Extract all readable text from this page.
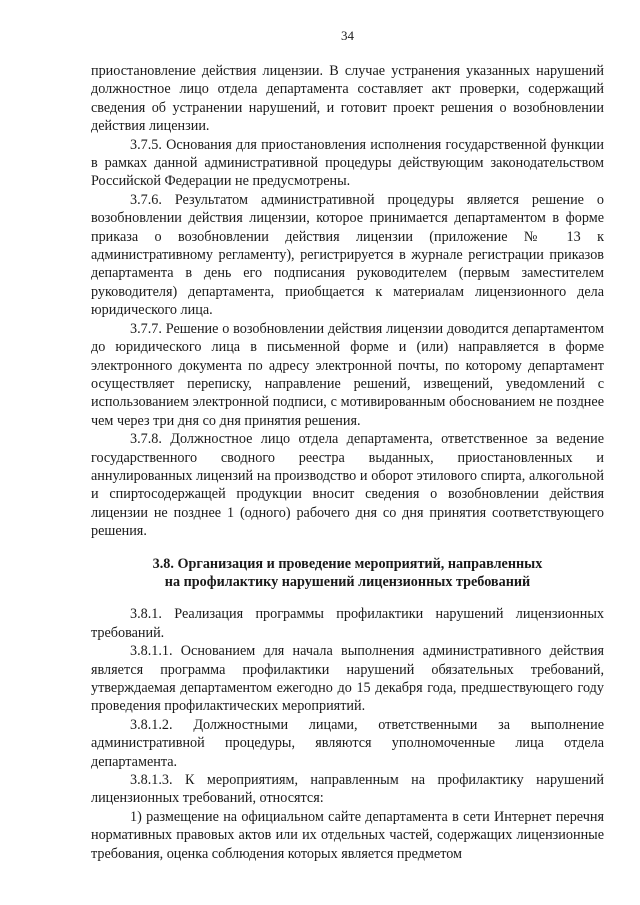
34

приостановление действия лицензии. В случае устранения указанных нарушений должностное лицо отдела департамента составляет акт проверки, содержащий сведения об устранении нарушений, и готовит проект решения о возобновлении действия лицензии.

3.7.5. Основания для приостановления исполнения государственной функции в рамках данной административной процедуры действующим законодательством Российской Федерации не предусмотрены.

3.7.6. Результатом административной процедуры является решение о возобновлении действия лицензии, которое принимается департаментом в форме приказа о возобновлении действия лицензии (приложение № 13 к административному регламенту), регистрируется в журнале регистрации приказов департамента в день его подписания руководителем (первым заместителем руководителя) департамента, приобщается к материалам лицензионного дела юридического лица.

3.7.7. Решение о возобновлении действия лицензии доводится департаментом до юридического лица в письменной форме и (или) направляется в форме электронного документа по адресу электронной почты, по которому департамент осуществляет переписку, направление решений, извещений, уведомлений с использованием электронной подписи, с мотивированным обоснованием не позднее чем через три дня со дня принятия решения.

3.7.8. Должностное лицо отдела департамента, ответственное за ведение государственного сводного реестра выданных, приостановленных и аннулированных лицензий на производство и оборот этилового спирта, алкогольной и спиртосодержащей продукции вносит сведения о возобновлении действия лицензии не позднее 1 (одного) рабочего дня со дня принятия соответствующего решения.

3.8. Организация и проведение мероприятий, направленных
на профилактику нарушений лицензионных требований

3.8.1. Реализация программы профилактики нарушений лицензионных требований.

3.8.1.1. Основанием для начала выполнения административного действия является программа профилактики нарушений обязательных требований, утверждаемая департаментом ежегодно до 15 декабря года, предшествующего году проведения профилактических мероприятий.

3.8.1.2. Должностными лицами, ответственными за выполнение административной процедуры, являются уполномоченные лица отдела департамента.

3.8.1.3. К мероприятиям, направленным на профилактику нарушений лицензионных требований, относятся:

1) размещение на официальном сайте департамента в сети Интернет перечня нормативных правовых актов или их отдельных частей, содержащих лицензионные требования, оценка соблюдения которых является предметом
